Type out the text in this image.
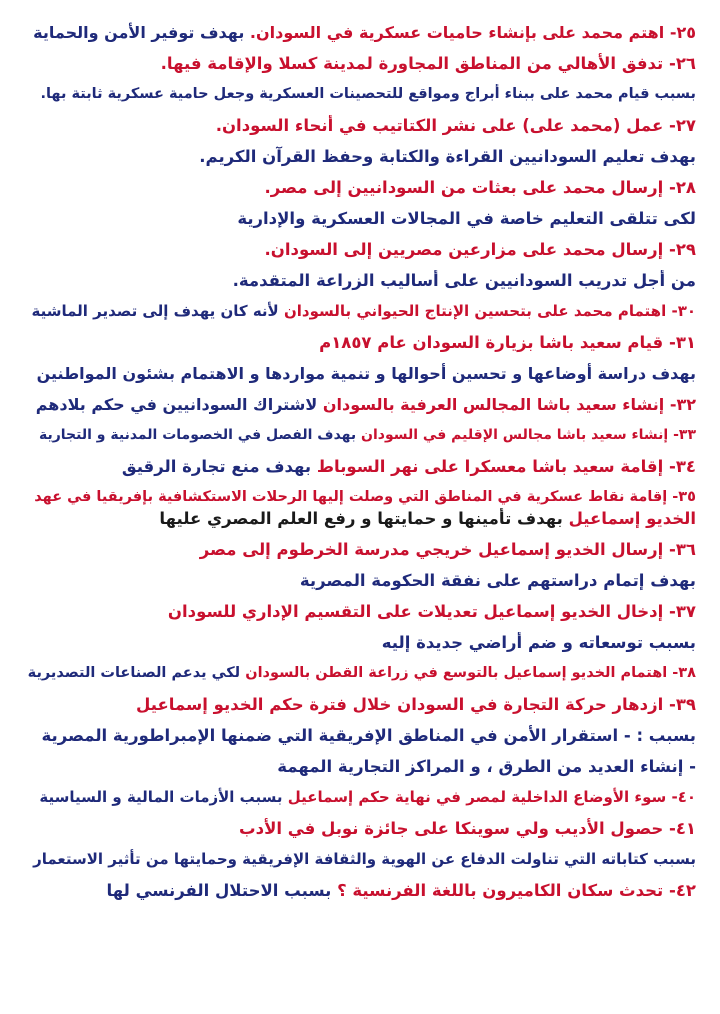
٢٥- اهتم محمد على بإنشاء حاميات عسكرية في السودان. بهدف توفير الأمن والحماية

٢٦- تدفق الأهالي من المناطق المجاورة لمدينة كسلا والإقامة فيها.

بسبب قيام محمد على ببناء أبراج ومواقع للتحصينات العسكرية وجعل حامية عسكرية ثابتة بها.

٢٧- عمل (محمد على) على نشر الكتاتيب في أنحاء السودان.

بهدف تعليم السودانيين القراءة والكتابة وحفظ القرآن الكريم.

٢٨- إرسال محمد على بعثات من السودانيين إلى مصر.

لكى تتلقى التعليم خاصة في المجالات العسكرية والإدارية

٢٩- إرسال محمد على مزارعين مصريين إلى السودان.

من أجل تدريب السودانيين على أساليب الزراعة المتقدمة.

٣٠- اهتمام محمد على بتحسين الإنتاج الحيواني بالسودان لأنه كان يهدف إلى تصدير الماشية

٣١- قيام سعيد باشا بزيارة السودان عام ١٨٥٧م

بهدف دراسة أوضاعها و تحسين أحوالها و تنمية مواردها و الاهتمام بشئون المواطنين

٣٢- إنشاء سعيد باشا المجالس العرفية بالسودان لاشتراك السودانيين في حكم بلادهم

٣٣- إنشاء سعيد باشا مجالس الإقليم في السودان بهدف الفصل في الخصومات المدنية و التجارية

٣٤- إقامة سعيد باشا معسكرا على نهر السوباط بهدف منع تجارة الرقيق

٣٥- إقامة نقاط عسكرية في المناطق التي وصلت إليها الرحلات الاستكشافية بإفريقيا في عهد

الخديو إسماعيل بهدف تأمينها و حمايتها و رفع العلم المصري عليها

٣٦- إرسال الخديو إسماعيل خريجي مدرسة الخرطوم إلى مصر

بهدف إتمام دراستهم على نفقة الحكومة المصرية

٣٧- إدخال الخديو إسماعيل تعديلات على التقسيم الإداري للسودان

بسبب توسعاته و ضم أراضي جديدة إليه

٣٨- اهتمام الخديو إسماعيل بالتوسع في زراعة القطن بالسودان لكي يدعم الصناعات التصديرية

٣٩- ازدهار حركة التجارة في السودان خلال فترة حكم الخديو إسماعيل

بسبب : - استقرار الأمن في المناطق الإفريقية التي ضمنها الإمبراطورية المصرية

- إنشاء العديد من الطرق ، و المراكز التجارية المهمة

٤٠- سوء الأوضاع الداخلية لمصر في نهاية حكم إسماعيل بسبب الأزمات المالية و السياسية

٤١- حصول الأديب ولي سوينكا على جائزة نوبل في الأدب

بسبب كتاباته التي تناولت الدفاع عن الهوية والثقافة الإفريقية وحمايتها من تأثير الاستعمار

٤٢- تحدث سكان الكاميرون باللغة الفرنسية ؟ بسبب الاحتلال الفرنسي لها
